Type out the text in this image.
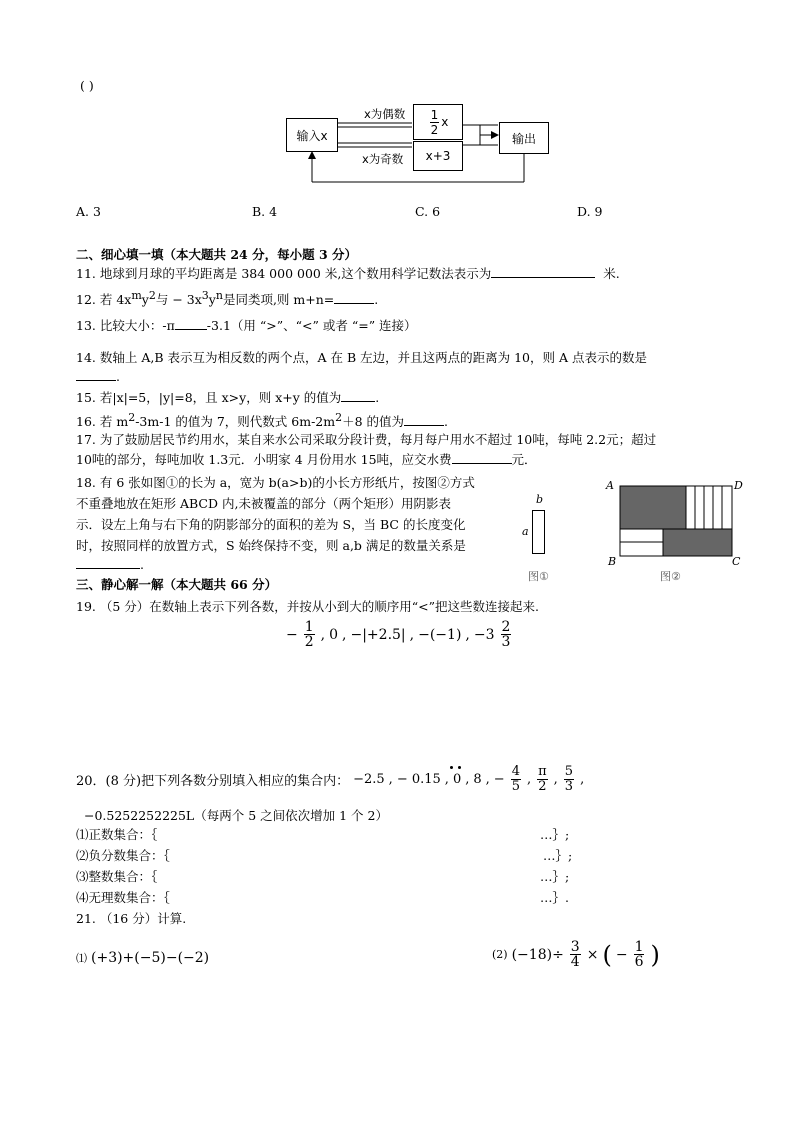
( )
输入x
x为偶数
x为奇数
$\frac{1}{2}$ x
x+3
输出
A. 3	B. 4	C. 6	D. 9
二、细心填一填（本大题共 24 分，每小题 3 分）
11. 地球到月球的平均距离是 384 000 000 米,这个数用科学记数法表示为	米.
12. 若 $4x^my^2$与 − $3x^3y^n$是同类项,则 m+n=	.
13. 比较大小：-π	-3.1（用 “>”、“<” 或者 “=” 连接）
14. 数轴上 A,B 表示互为相反数的两个点，A 在 B 左边，并且这两点的距离为 10，则 A 点表示的数是
.
15. 若|x|=5，|y|=8，且 x>y，则 x+y 的值为	.
16. 若 $m^2-3m-1$ 的值为 7，则代数式 $6m-2m^2+8$ 的值为	.
17. 为了鼓励居民节约用水，某自来水公司采取分段计费，每月每户用水不超过 10吨，每吨 2.2元；超过
10吨的部分，每吨加收 1.3元．小明家 4 月份用水 15吨，应交水费	元．
18. 有 6 张如图①的长为 a，宽为 b(a>b)的小长方形纸片，按图②方式
不重叠地放在矩形 ABCD 内,未被覆盖的部分（两个矩形）用阴影表
示．设左上角与右下角的阴影部分的面积的差为 S，当 BC 的长度变化
时，按照同样的放置方式，S 始终保持不变，则 a,b 满足的数量关系是
.
b
a
图①
A	D
B	C
图②
三、静心解一解（本大题共 66 分）
19. （5 分）在数轴上表示下列各数，并按从小到大的顺序用“<”把这些数连接起来.
− $\frac{1}{2}$ , 0 , −|+2.5| , −(−1) , $-3 \frac{2}{3}$
20．(8 分)把下列各数分别填入相应的集合内： −2.5 , − 0.15 , 0 , 8 , − $\frac{4}{5}$ , $\frac{\pi}{2}$ , $\frac{5}{3}$ ,
−0.5252252225L（每两个 5 之间依次增加 1 个 2）
⑴正数集合：｛	…｝;
⑵负分数集合：｛	…｝;
⑶整数集合：｛	…｝;
⑷无理数集合：｛	…｝.
21. （16 分）计算.
⑴ (+3)+(−5)−(−2)	(2) $(-18)\div \frac{3}{4}$ × ( − $\frac{1}{6}$ )
